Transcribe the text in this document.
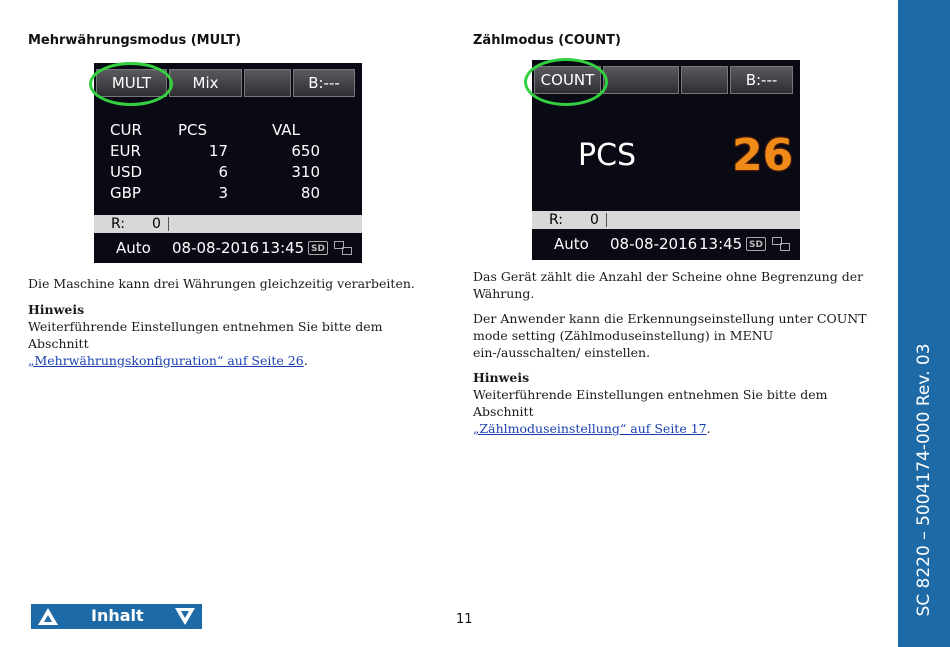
Mehrwährungsmodus (MULT)
MULT	Mix	B:---
CUR PCS	VAL
EUR	17	650
USD	6	310
GBP	3	80
R: 0
Auto 08-08-2016 13:45 SD

Die Maschine kann drei Währungen gleichzeitig verarbeiten.

Hinweis

Weiterführende Einstellungen entnehmen Sie bitte dem Abschnitt
„Mehrwährungskonfiguration“ auf Seite 26.

Zählmodus (COUNT)
COUNT	B:---
PCS 26
R: 0
Auto 08-08-2016 13:45 SD

Das Gerät zählt die Anzahl der Scheine ohne Begrenzung der Währung.

Der Anwender kann die Erkennungseinstellung unter COUNT mode setting (Zählmoduseinstellung) in MENU ein-/ausschalten/ einstellen.

Hinweis

Weiterführende Einstellungen entnehmen Sie bitte dem Abschnitt
„Zählmoduseinstellung“ auf Seite 17.

Inhalt	11
SC 8220 – 5004174-000 Rev. 03
